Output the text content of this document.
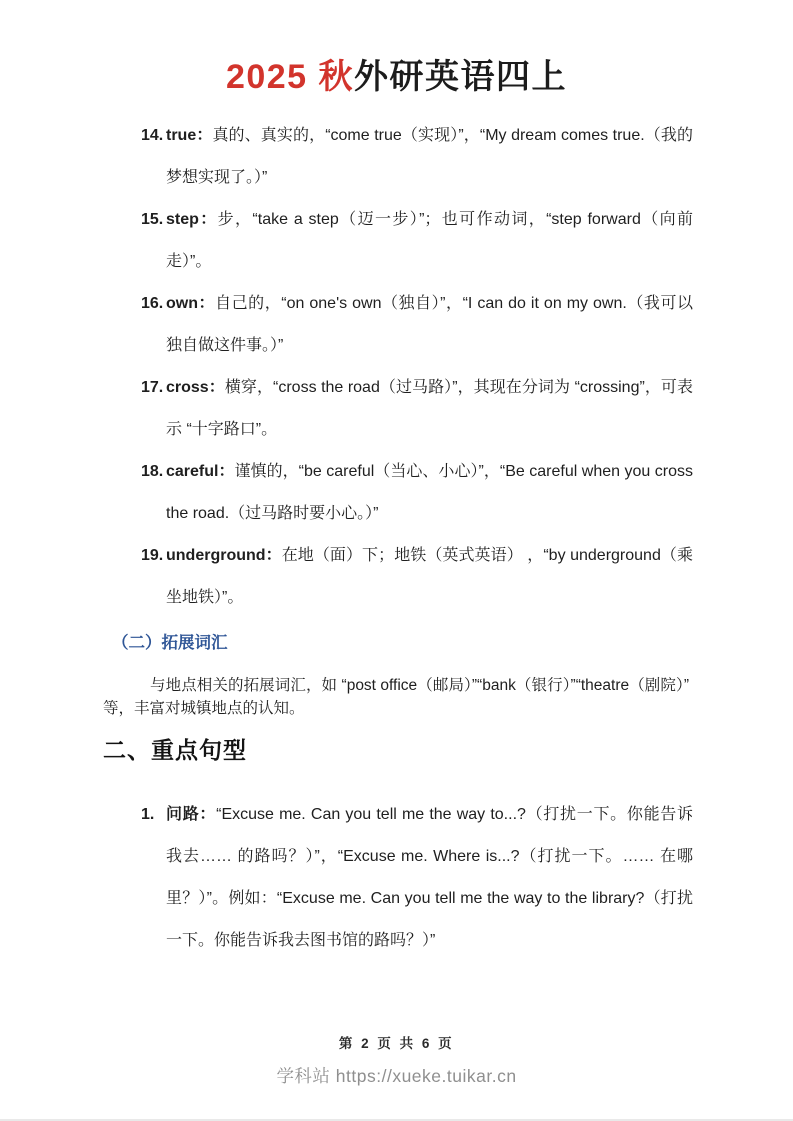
2025 秋外研英语四上
14. true：真的、真实的，“come true（实现）”，“My dream comes true.（我的梦想实现了。）”
15. step：步，“take a step（迈一步）”；也可作动词，“step forward（向前走）”。
16. own：自己的，“on one's own（独自）”，“I can do it on my own.（我可以独自做这件事。）”
17. cross：横穿，“cross the road（过马路）”，其现在分词为 “crossing”，可表示 “十字路口”。
18. careful：谨慎的，“be careful（当心、小心）”，“Be careful when you cross the road.（过马路时要小心。）”
19. underground：在地（面）下；地铁（英式英语） ，“by underground（乘坐地铁）”。
（二）拓展词汇

与地点相关的拓展词汇，如 “post office（邮局）”“bank（银行）”“theatre（剧院）” 等，丰富对城镇地点的认知。

二、重点句型
1. 问路：“Excuse me. Can you tell me the way to...?（打扰一下。你能告诉我去…… 的路吗？）”，“Excuse me. Where is...?（打扰一下。…… 在哪里？）”。例如：“Excuse me. Can you tell me the way to the library?（打扰一下。你能告诉我去图书馆的路吗？）”
第 2 页 共 6 页
学科站 https://xueke.tuikar.cn
